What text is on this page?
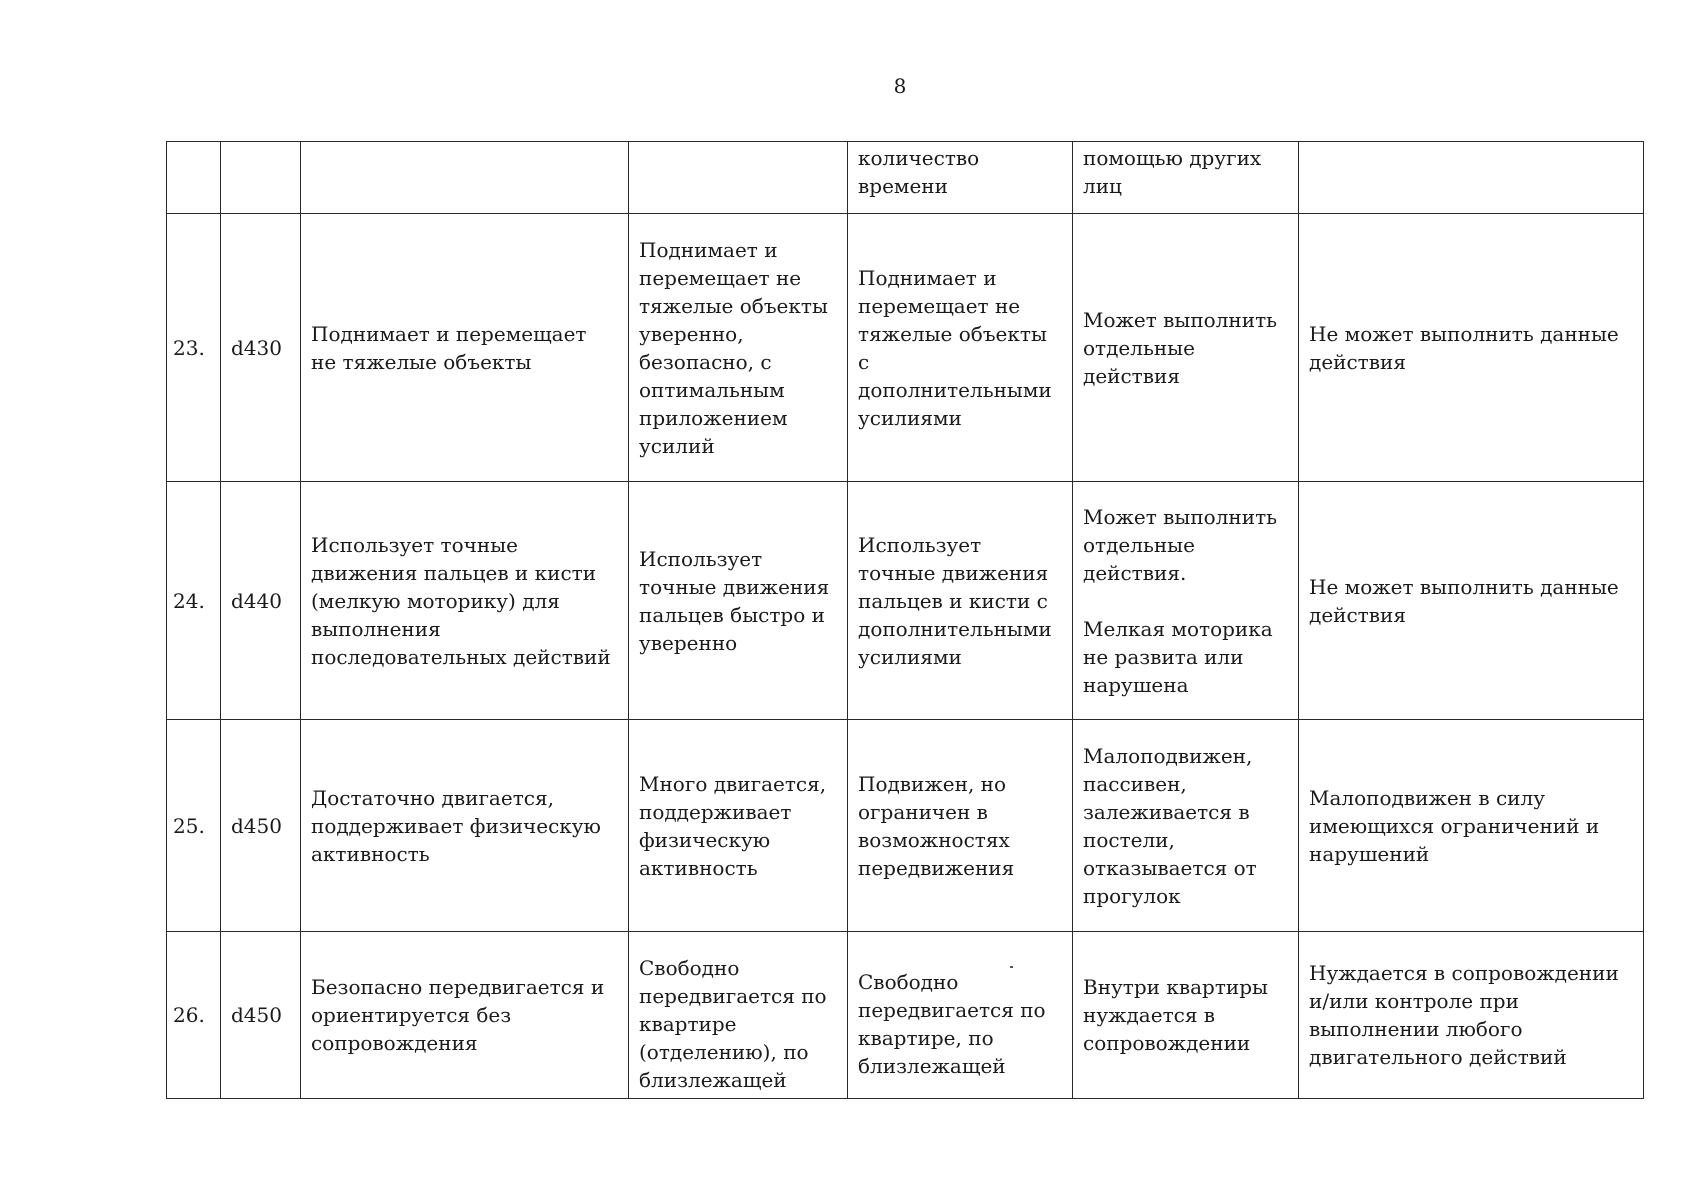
8
				количество времени	помощью других лиц	
23.	d430	Поднимает и перемещает не тяжелые объекты	Поднимает и перемещает не тяжелые объекты уверенно, безопасно, с оптимальным приложением усилий	Поднимает и перемещает не тяжелые объекты с дополнительными усилиями	Может выполнить отдельные действия	Не может выполнить данные действия
24.	d440	Использует точные движения пальцев и кисти (мелкую моторику) для выполнения последовательных действий	Использует точные движения пальцев быстро и уверенно	Использует точные движения пальцев и кисти с дополнительными усилиями	Может выполнить отдельные действия.
Мелкая моторика не развита или нарушена	Не может выполнить данные действия
25.	d450	Достаточно двигается, поддерживает физическую активность	Много двигается, поддерживает физическую активность	Подвижен, но ограничен в возможностях передвижения	Малоподвижен, пассивен, залеживается в постели, отказывается от прогулок	Малоподвижен в силу имеющихся ограничений и нарушений
26.	d450	Безопасно передвигается и ориентируется без сопровождения	Свободно передвигается по квартире (отделению), по близлежащей	Свободно передвигается по квартире, по близлежащей	Внутри квартиры нуждается в сопровождении	Нуждается в сопровождении и/или контроле при выполнении любого двигательного действий
